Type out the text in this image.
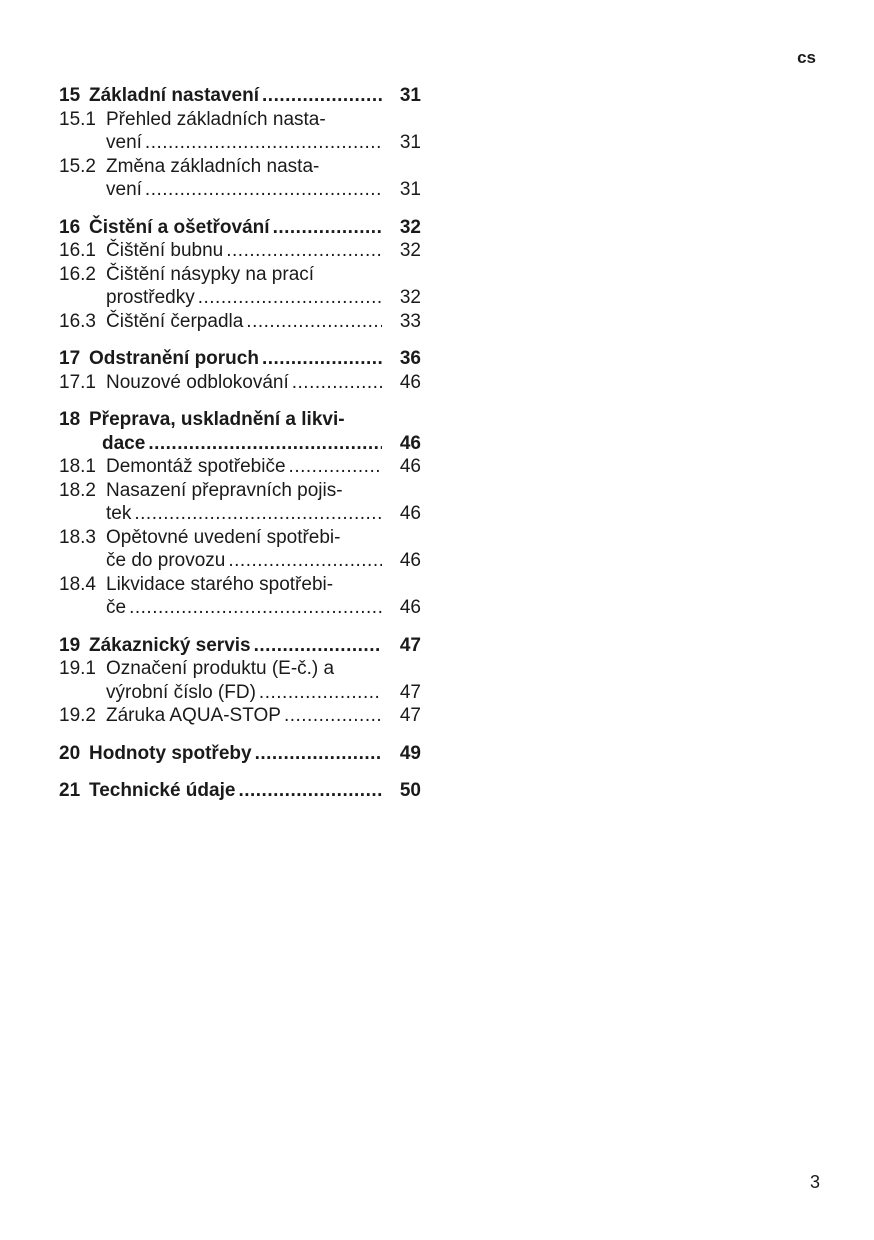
cs
15 Základní nastavení .....	31
15.1 Přehled základních nasta-
vení .....	31
15.2 Změna základních nasta-
vení .....	31
16 Čistění a ošetřování .....	32
16.1 Čištění bubnu .....	32
16.2 Čištění násypky na prací
prostředky .....	32
16.3 Čištění čerpadla .....	33
17 Odstranění poruch .....	36
17.1 Nouzové odblokování .....	46
18 Přeprava, uskladnění a likvi-
dace .....	46
18.1 Demontáž spotřebiče .....	46
18.2 Nasazení přepravních pojis-
tek .....	46
18.3 Opětovné uvedení spotřebi-
če do provozu .....	46
18.4 Likvidace starého spotřebi-
če .....	46
19 Zákaznický servis .....	47
19.1 Označení produktu (E-č.) a
výrobní číslo (FD) .....	47
19.2 Záruka AQUA-STOP .....	47
20 Hodnoty spotřeby .....	49
21 Technické údaje .....	50
3
